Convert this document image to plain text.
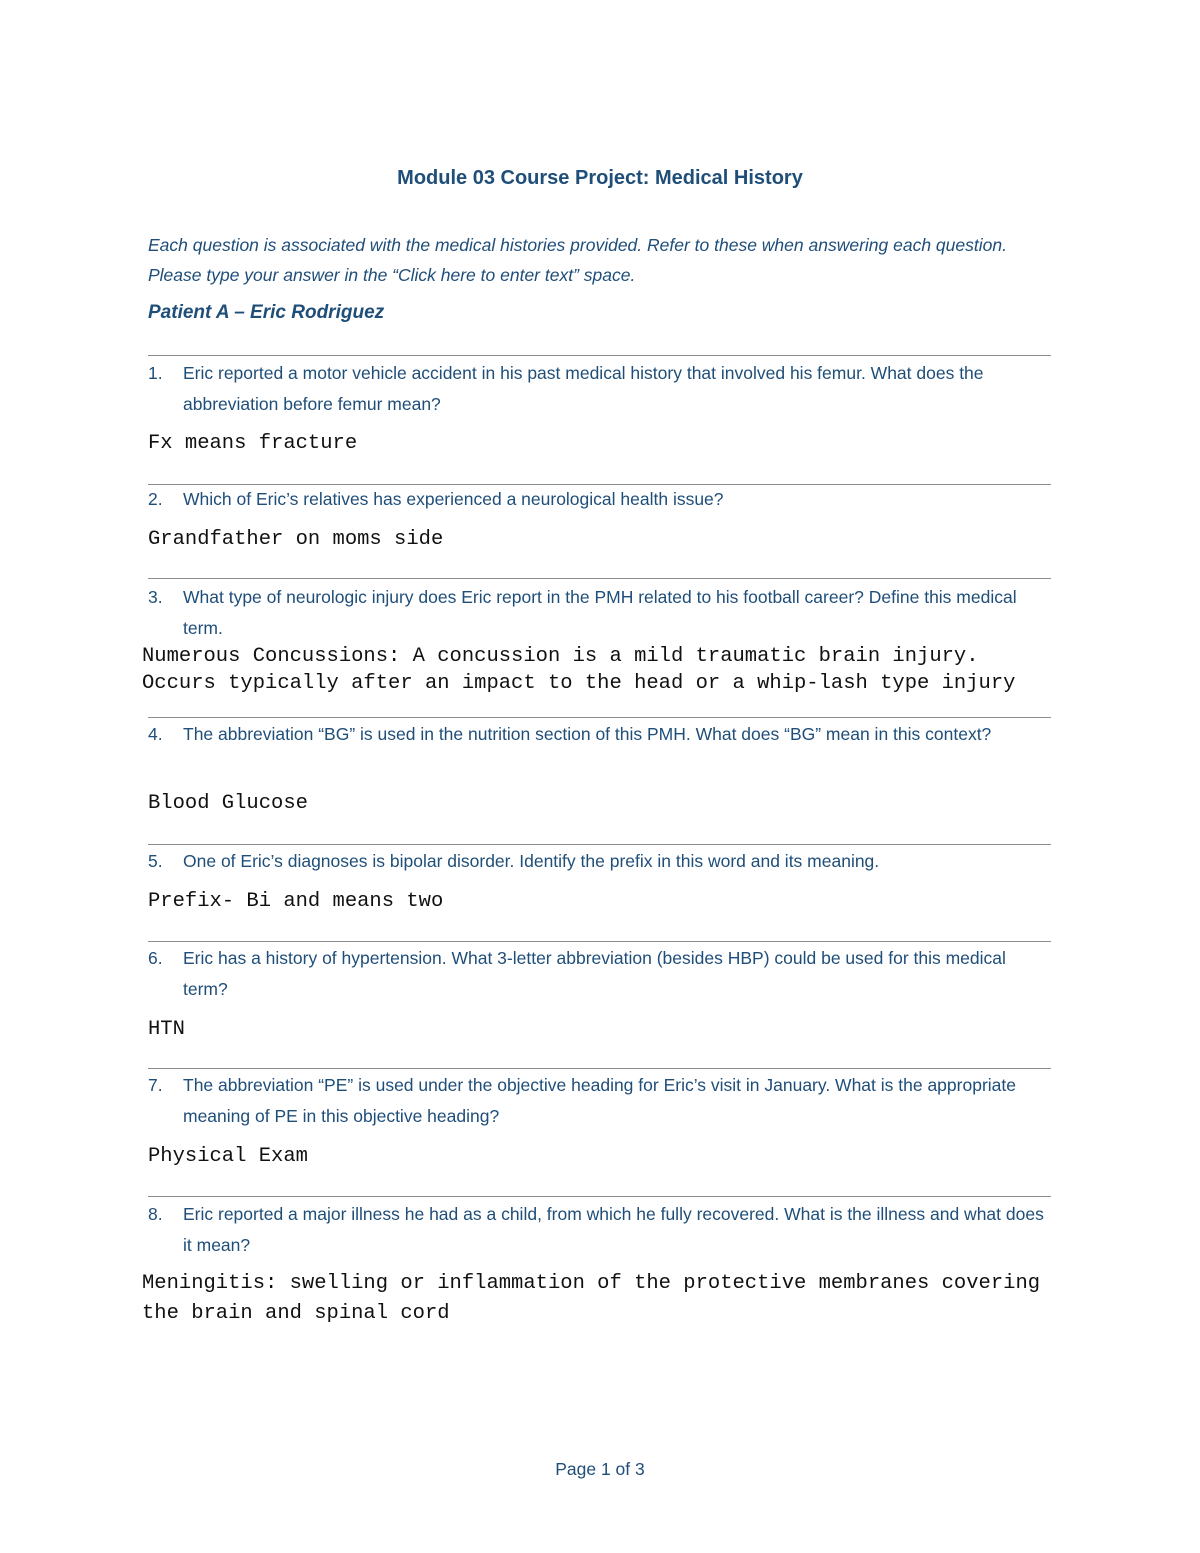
Module 03 Course Project: Medical History
Each question is associated with the medical histories provided. Refer to these when answering each question. Please type your answer in the “Click here to enter text” space.
Patient A – Eric Rodriguez
1. Eric reported a motor vehicle accident in his past medical history that involved his femur. What does the abbreviation before femur mean?
Fx means fracture
2. Which of Eric’s relatives has experienced a neurological health issue?
Grandfather on moms side
3. What type of neurologic injury does Eric report in the PMH related to his football career? Define this medical term.
Numerous Concussions: A concussion is a mild traumatic brain injury. Occurs typically after an impact to the head or a whip-lash type injury
4. The abbreviation “BG” is used in the nutrition section of this PMH. What does “BG” mean in this context?
Blood Glucose
5. One of Eric’s diagnoses is bipolar disorder. Identify the prefix in this word and its meaning.
Prefix- Bi and means two
6. Eric has a history of hypertension. What 3-letter abbreviation (besides HBP) could be used for this medical term?
HTN
7. The abbreviation “PE” is used under the objective heading for Eric’s visit in January. What is the appropriate meaning of PE in this objective heading?
Physical Exam
8. Eric reported a major illness he had as a child, from which he fully recovered. What is the illness and what does it mean?
Meningitis: swelling or inflammation of the protective membranes covering the brain and spinal cord
Page 1 of 3
